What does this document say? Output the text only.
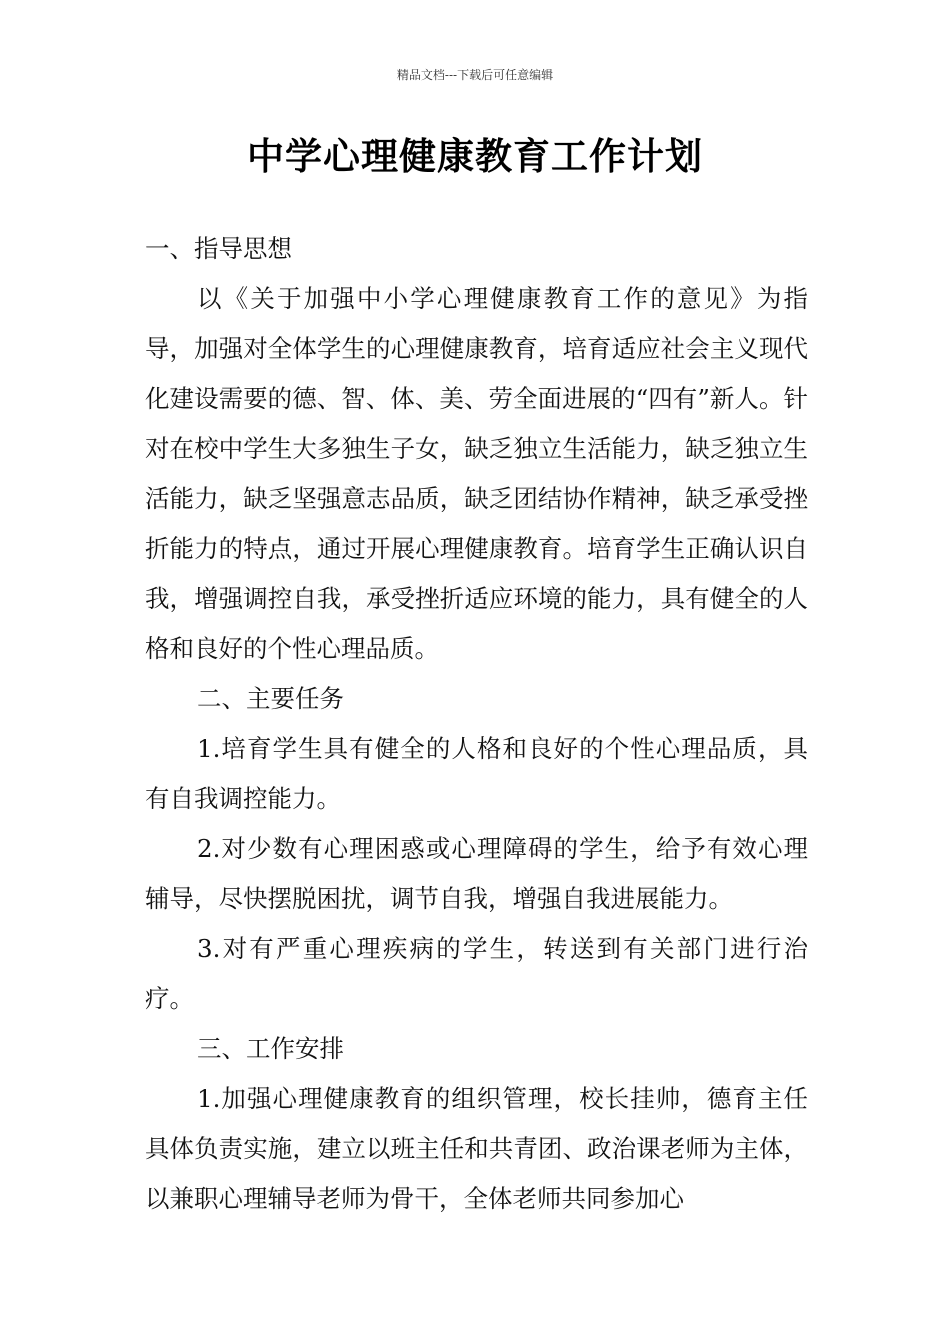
精品文档---下载后可任意编辑
中学心理健康教育工作计划

一、指导思想

以《关于加强中小学心理健康教育工作的意见》为指导，加强对全体学生的心理健康教育，培育适应社会主义现代化建设需要的德、智、体、美、劳全面进展的“四有”新人。针对在校中学生大多独生子女，缺乏独立生活能力，缺乏独立生活能力，缺乏坚强意志品质，缺乏团结协作精神，缺乏承受挫折能力的特点，通过开展心理健康教育。培育学生正确认识自我，增强调控自我，承受挫折适应环境的能力，具有健全的人格和良好的个性心理品质。

二、主要任务

1.培育学生具有健全的人格和良好的个性心理品质，具有自我调控能力。

2.对少数有心理困惑或心理障碍的学生，给予有效心理辅导，尽快摆脱困扰，调节自我，增强自我进展能力。

3.对有严重心理疾病的学生，转送到有关部门进行治疗。

三、工作安排

1.加强心理健康教育的组织管理，校长挂帅，德育主任具体负责实施，建立以班主任和共青团、政治课老师为主体，以兼职心理辅导老师为骨干，全体老师共同参加心
